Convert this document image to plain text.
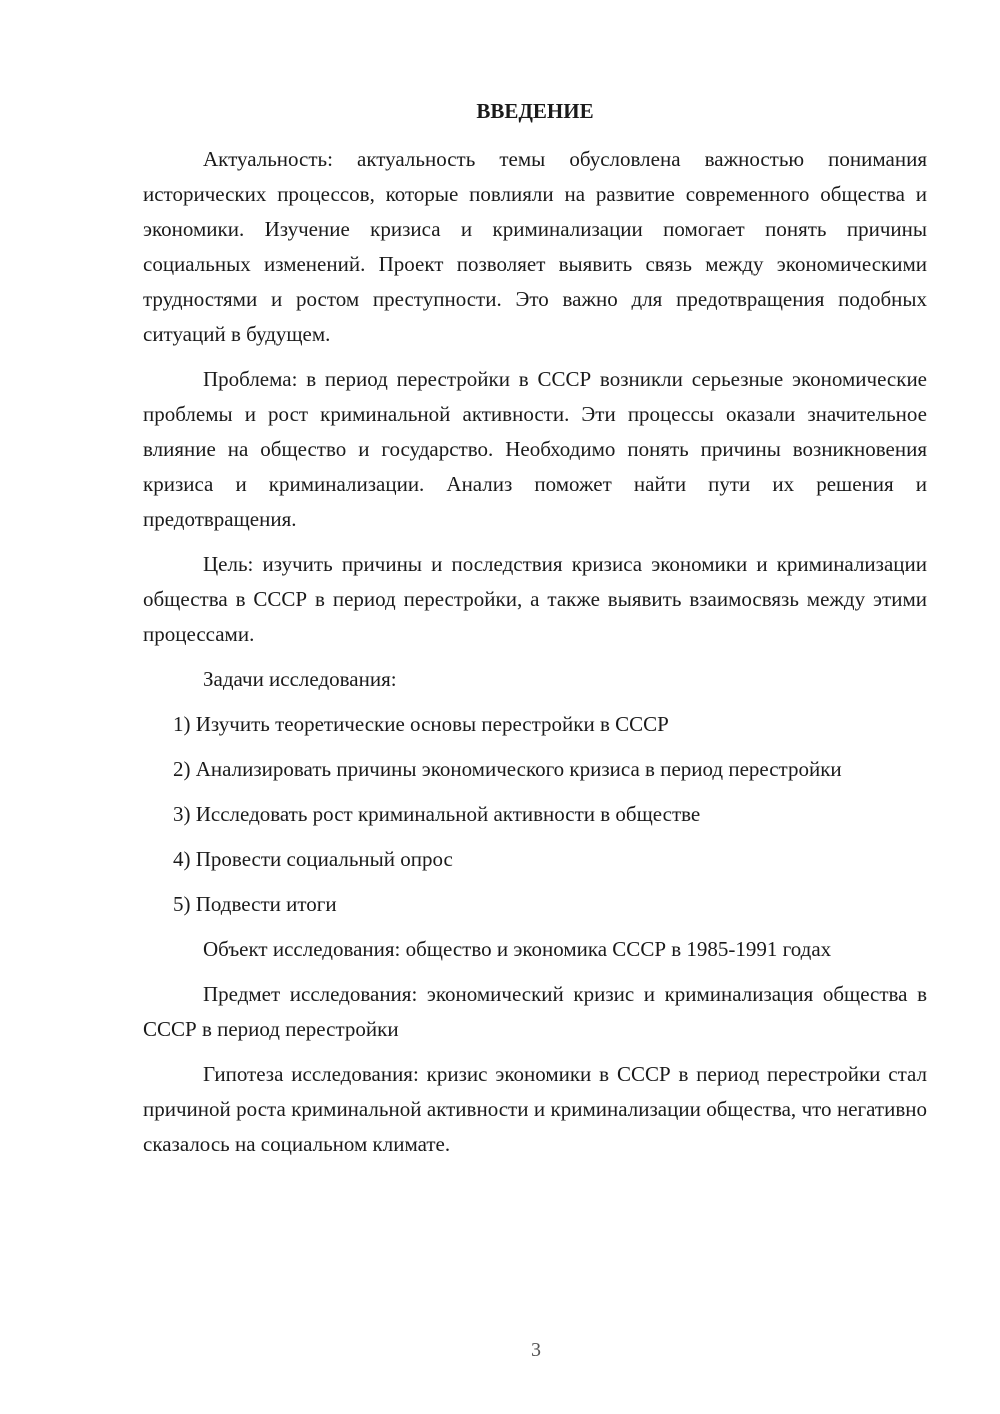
ВВЕДЕНИЕ

Актуальность: актуальность темы обусловлена важностью понимания исторических процессов, которые повлияли на развитие современного общества и экономики. Изучение кризиса и криминализации помогает понять причины социальных изменений. Проект позволяет выявить связь между экономическими трудностями и ростом преступности. Это важно для предотвращения подобных ситуаций в будущем.

Проблема: в период перестройки в СССР возникли серьезные экономические проблемы и рост криминальной активности. Эти процессы оказали значительное влияние на общество и государство. Необходимо понять причины возникновения кризиса и криминализации. Анализ поможет найти пути их решения и предотвращения.

Цель: изучить причины и последствия кризиса экономики и криминализации общества в СССР в период перестройки, а также выявить взаимосвязь между этими процессами.

Задачи исследования:

1) Изучить теоретические основы перестройки в СССР

2) Анализировать причины экономического кризиса в период перестройки

3) Исследовать рост криминальной активности в обществе

4) Провести социальный опрос

5) Подвести итоги

Объект исследования: общество и экономика СССР в 1985-1991 годах

Предмет исследования: экономический кризис и криминализация общества в СССР в период перестройки

Гипотеза исследования: кризис экономики в СССР в период перестройки стал причиной роста криминальной активности и криминализации общества, что негативно сказалось на социальном климате.

3
